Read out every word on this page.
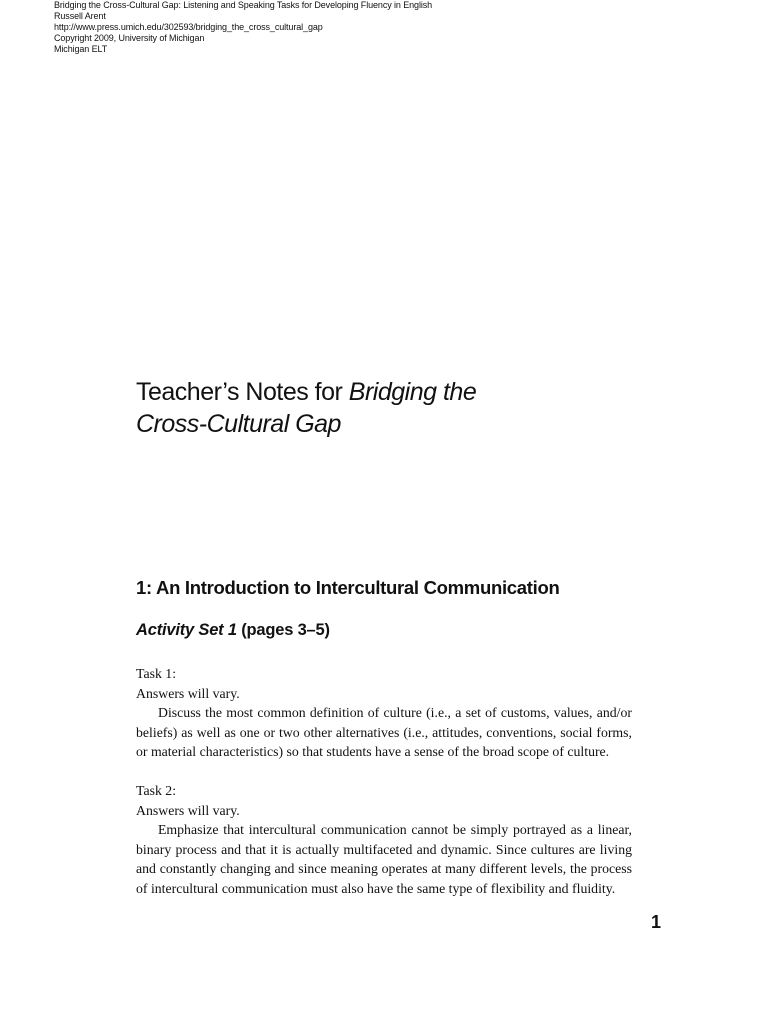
Bridging the Cross-Cultural Gap: Listening and Speaking Tasks for Developing Fluency in English
Russell Arent
http://www.press.umich.edu/302593/bridging_the_cross_cultural_gap
Copyright 2009, University of Michigan
Michigan ELT
Teacher’s Notes for Bridging the
Cross-Cultural Gap
1: An Introduction to Intercultural Communication
Activity Set 1 (pages 3–5)

Task 1:

Answers will vary.

Discuss the most common definition of culture (i.e., a set of customs, values, and/or beliefs) as well as one or two other alternatives (i.e., attitudes, conventions, social forms, or material characteristics) so that students have a sense of the broad scope of culture.

Task 2:

Answers will vary.

Emphasize that intercultural communication cannot be simply portrayed as a linear, binary process and that it is actually multifaceted and dynamic. Since cultures are living and constantly changing and since meaning operates at many different levels, the process of intercultural communication must also have the same type of flexibility and fluidity.

1
